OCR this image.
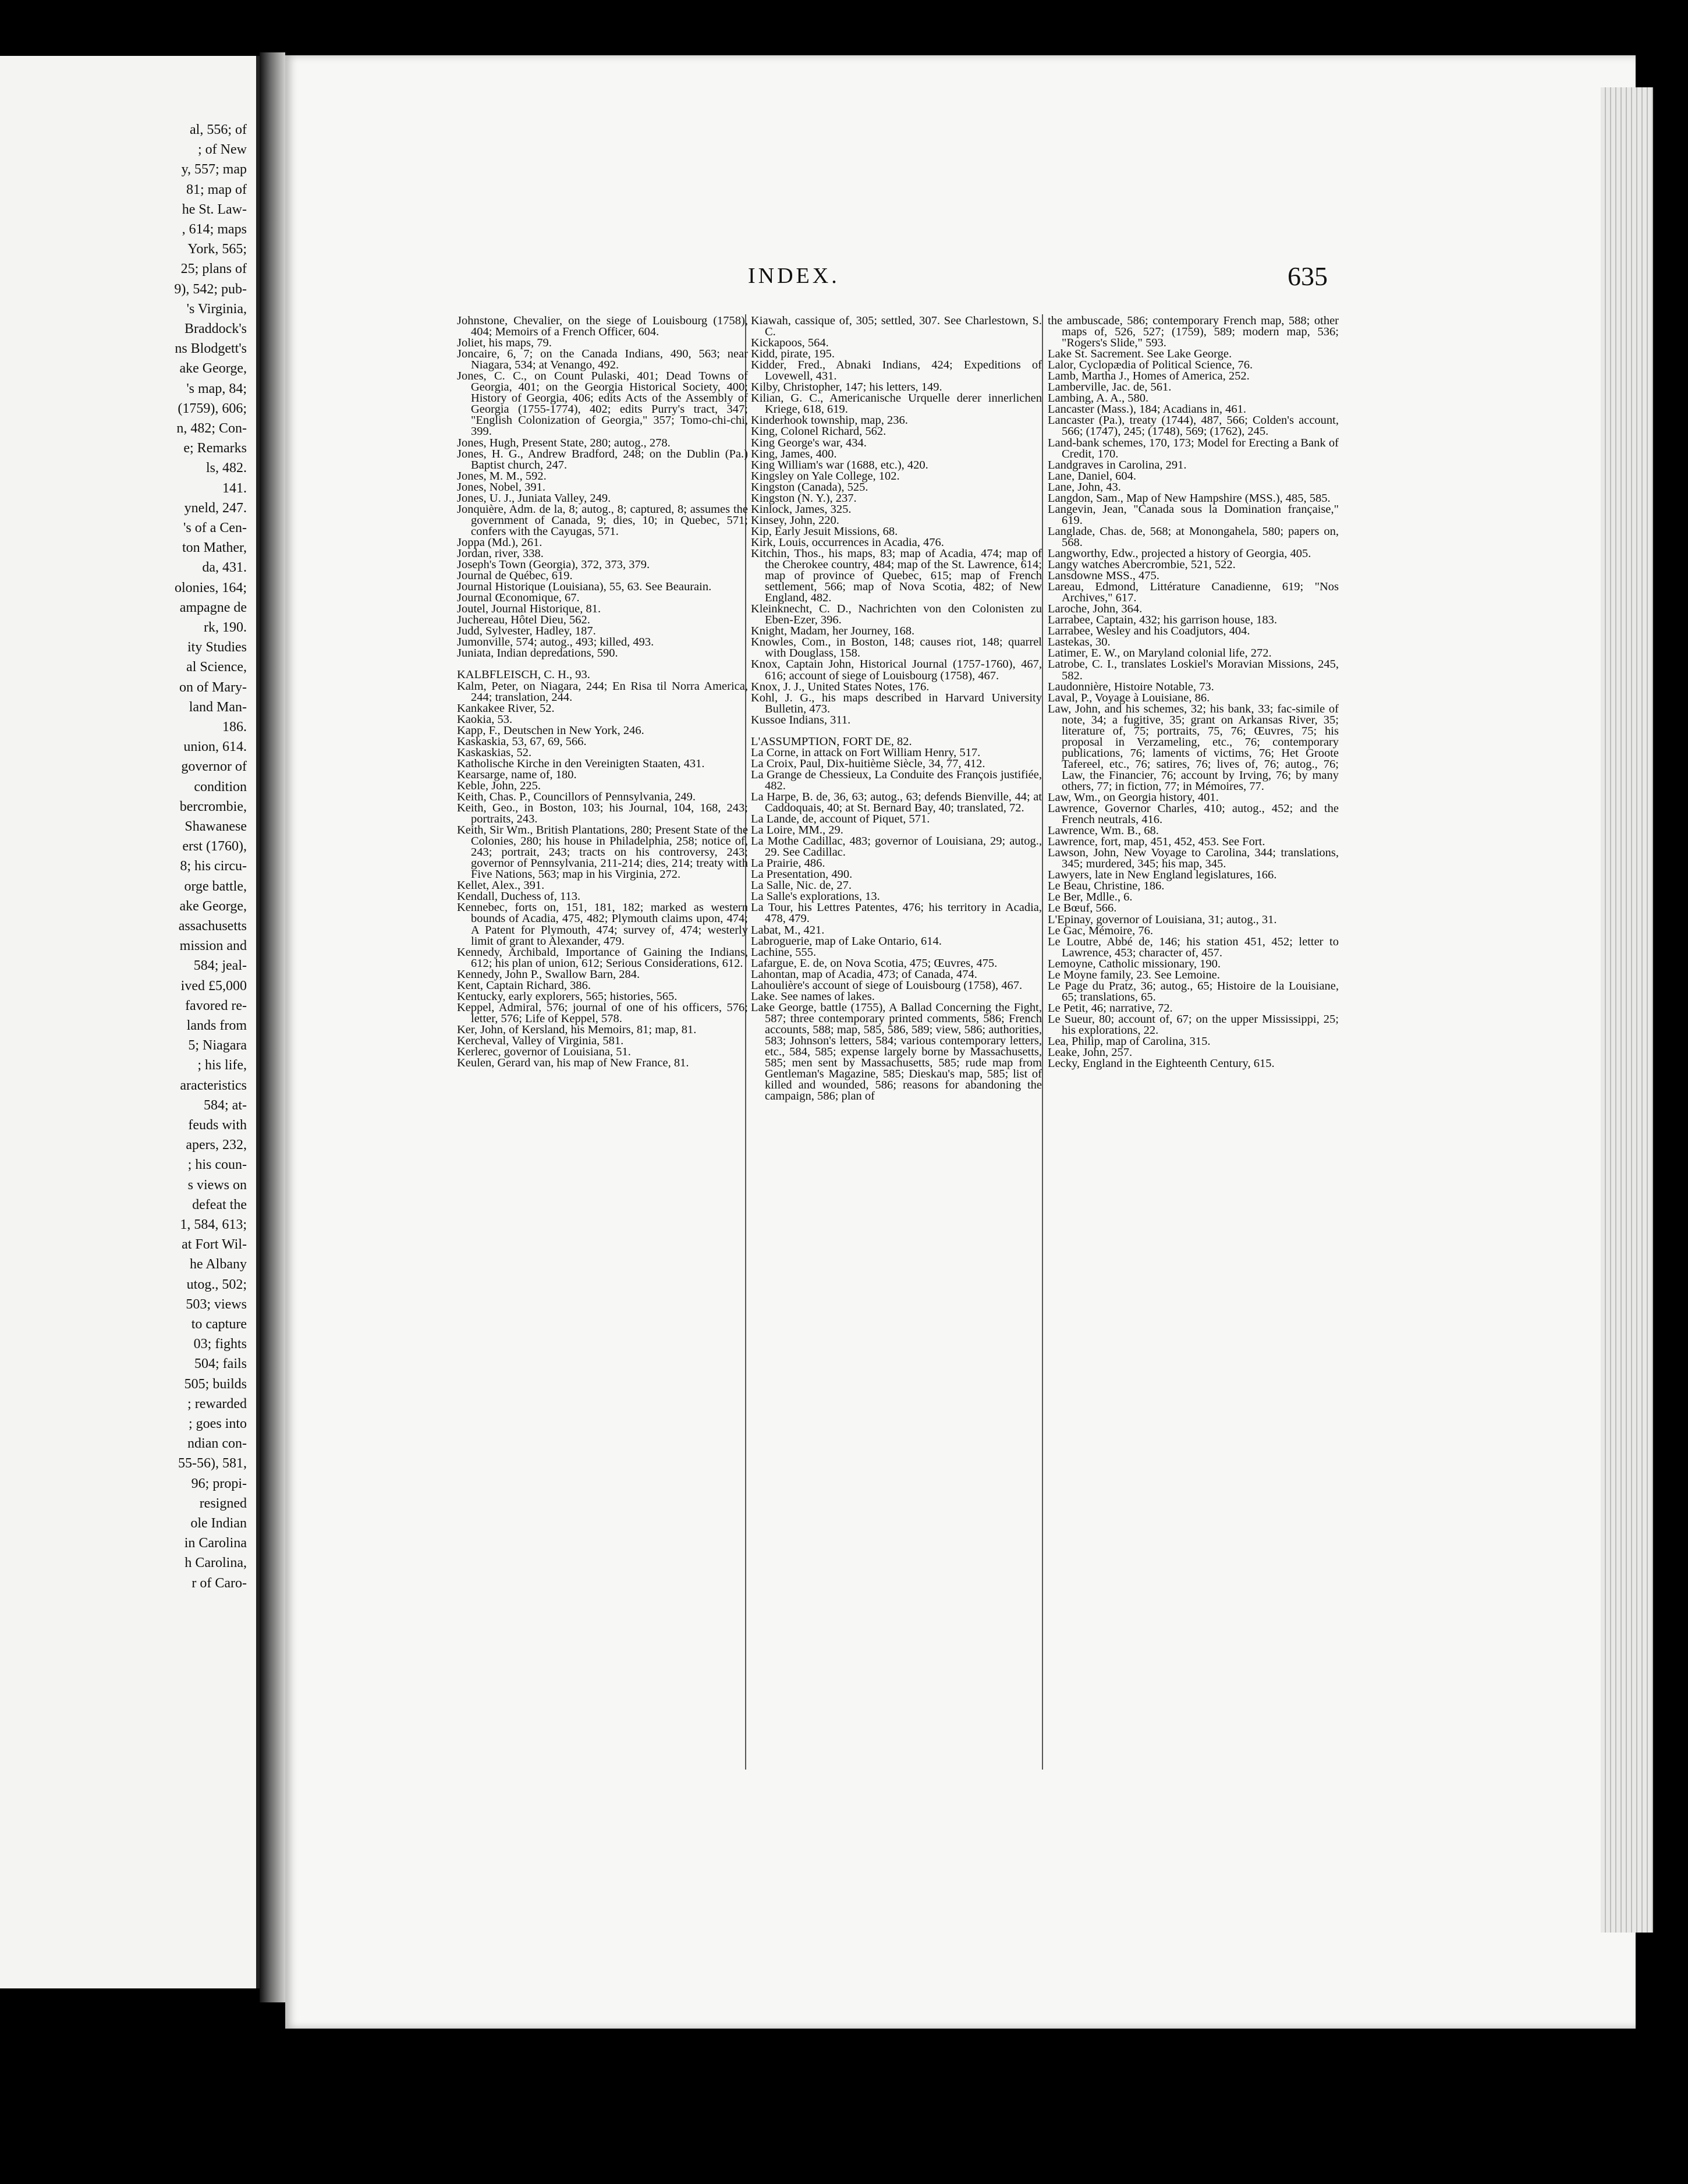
al, 556; of
; of New
y, 557; map
81; map of
he St. Law-
, 614; maps
York, 565;
25; plans of
9), 542; pub-
's Virginia,
Braddock's
ns Blodgett's
ake George,
's map, 84;
(1759), 606;
n, 482; Con-
e; Remarks
ls, 482.
141.
yneld, 247.
's of a Cen-
ton Mather,
da, 431.
olonies, 164;
ampagne de
rk, 190.
ity Studies
al Science,
on of Mary-
land Man-
186.
union, 614.
governor of
condition
bercrombie,
Shawanese
erst (1760),
8; his circu-
orge battle,
ake George,
assachusetts
mission and
584; jeal-
ived £5,000
favored re-
lands from
5; Niagara
; his life,
aracteristics
584; at-
feuds with
apers, 232,
; his coun-
s views on
defeat the
1, 584, 613;
at Fort Wil-
he Albany
utog., 502;
503; views
to capture
03; fights
504; fails
505; builds
; rewarded
; goes into
ndian con-
55-56), 581,
96; propi-
resigned
ole Indian
in Carolina
h Carolina,
r of Caro-
INDEX.	635

Johnstone, Chevalier, on the siege of Louisbourg (1758), 404; Memoirs of a French Officer, 604.

Joliet, his maps, 79.

Joncaire, 6, 7; on the Canada Indians, 490, 563; near Niagara, 534; at Venango, 492.

Jones, C. C., on Count Pulaski, 401; Dead Towns of Georgia, 401; on the Georgia Historical Society, 400; History of Georgia, 406; edits Acts of the Assembly of Georgia (1755-1774), 402; edits Purry's tract, 347; "English Colonization of Georgia," 357; Tomo-chi-chi, 399.

Jones, Hugh, Present State, 280; autog., 278.

Jones, H. G., Andrew Bradford, 248; on the Dublin (Pa.) Baptist church, 247.

Jones, M. M., 592.

Jones, Nobel, 391.

Jones, U. J., Juniata Valley, 249.

Jonquière, Adm. de la, 8; autog., 8; captured, 8; assumes the government of Canada, 9; dies, 10; in Quebec, 571; confers with the Cayugas, 571.

Joppa (Md.), 261.

Jordan, river, 338.

Joseph's Town (Georgia), 372, 373, 379.

Journal de Québec, 619.

Journal Historique (Louisiana), 55, 63. See Beaurain.

Journal Œconomique, 67.

Joutel, Journal Historique, 81.

Juchereau, Hôtel Dieu, 562.

Judd, Sylvester, Hadley, 187.

Jumonville, 574; autog., 493; killed, 493.

Juniata, Indian depredations, 590.

KALBFLEISCH, C. H., 93.

Kalm, Peter, on Niagara, 244; En Risa til Norra America, 244; translation, 244.

Kankakee River, 52.

Kaokia, 53.

Kapp, F., Deutschen in New York, 246.

Kaskaskia, 53, 67, 69, 566.

Kaskaskias, 52.

Katholische Kirche in den Vereinigten Staaten, 431.

Kearsarge, name of, 180.

Keble, John, 225.

Keith, Chas. P., Councillors of Pennsylvania, 249.

Keith, Geo., in Boston, 103; his Journal, 104, 168, 243; portraits, 243.

Keith, Sir Wm., British Plantations, 280; Present State of the Colonies, 280; his house in Philadelphia, 258; notice of, 243; portrait, 243; tracts on his controversy, 243; governor of Pennsylvania, 211-214; dies, 214; treaty with Five Nations, 563; map in his Virginia, 272.

Kellet, Alex., 391.

Kendall, Duchess of, 113.

Kennebec, forts on, 151, 181, 182; marked as western bounds of Acadia, 475, 482; Plymouth claims upon, 474; A Patent for Plymouth, 474; survey of, 474; westerly limit of grant to Alexander, 479.

Kennedy, Archibald, Importance of Gaining the Indians, 612; his plan of union, 612; Serious Considerations, 612.

Kennedy, John P., Swallow Barn, 284.

Kent, Captain Richard, 386.

Kentucky, early explorers, 565; histories, 565.

Keppel, Admiral, 576; journal of one of his officers, 576; letter, 576; Life of Keppel, 578.

Ker, John, of Kersland, his Memoirs, 81; map, 81.

Kercheval, Valley of Virginia, 581.

Kerlerec, governor of Louisiana, 51.

Keulen, Gerard van, his map of New France, 81.

Kiawah, cassique of, 305; settled, 307. See Charlestown, S. C.

Kickapoos, 564.

Kidd, pirate, 195.

Kidder, Fred., Abnaki Indians, 424; Expeditions of Lovewell, 431.

Kilby, Christopher, 147; his letters, 149.

Kilian, G. C., Americanische Urquelle derer innerlichen Kriege, 618, 619.

Kinderhook township, map, 236.

King, Colonel Richard, 562.

King George's war, 434.

King, James, 400.

King William's war (1688, etc.), 420.

Kingsley on Yale College, 102.

Kingston (Canada), 525.

Kingston (N. Y.), 237.

Kinlock, James, 325.

Kinsey, John, 220.

Kip, Early Jesuit Missions, 68.

Kirk, Louis, occurrences in Acadia, 476.

Kitchin, Thos., his maps, 83; map of Acadia, 474; map of the Cherokee country, 484; map of the St. Lawrence, 614; map of province of Quebec, 615; map of French settlement, 566; map of Nova Scotia, 482; of New England, 482.

Kleinknecht, C. D., Nachrichten von den Colonisten zu Eben-Ezer, 396.

Knight, Madam, her Journey, 168.

Knowles, Com., in Boston, 148; causes riot, 148; quarrel with Douglass, 158.

Knox, Captain John, Historical Journal (1757-1760), 467, 616; account of siege of Louisbourg (1758), 467.

Knox, J. J., United States Notes, 176.

Kohl, J. G., his maps described in Harvard University Bulletin, 473.

Kussoe Indians, 311.

L'ASSUMPTION, FORT DE, 82.

La Corne, in attack on Fort William Henry, 517.

La Croix, Paul, Dix-huitième Siècle, 34, 77, 412.

La Grange de Chessieux, La Conduite des François justifiée, 482.

La Harpe, B. de, 36, 63; autog., 63; defends Bienville, 44; at Caddoquais, 40; at St. Bernard Bay, 40; translated, 72.

La Lande, de, account of Piquet, 571.

La Loire, MM., 29.

La Mothe Cadillac, 483; governor of Louisiana, 29; autog., 29. See Cadillac.

La Prairie, 486.

La Presentation, 490.

La Salle, Nic. de, 27.

La Salle's explorations, 13.

La Tour, his Lettres Patentes, 476; his territory in Acadia, 478, 479.

Labat, M., 421.

Labroguerie, map of Lake Ontario, 614.

Lachine, 555.

Lafargue, E. de, on Nova Scotia, 475; Œuvres, 475.

Lahontan, map of Acadia, 473; of Canada, 474.

Lahoulière's account of siege of Louisbourg (1758), 467.

Lake. See names of lakes.

Lake George, battle (1755), A Ballad Concerning the Fight, 587; three contemporary printed comments, 586; French accounts, 588; map, 585, 586, 589; view, 586; authorities, 583; Johnson's letters, 584; various contemporary letters, etc., 584, 585; expense largely borne by Massachusetts, 585; men sent by Massachusetts, 585; rude map from Gentleman's Magazine, 585; Dieskau's map, 585; list of killed and wounded, 586; reasons for abandoning the campaign, 586; plan of

the ambuscade, 586; contemporary French map, 588; other maps of, 526, 527; (1759), 589; modern map, 536; "Rogers's Slide," 593.

Lake St. Sacrement. See Lake George.

Lalor, Cyclopædia of Political Science, 76.

Lamb, Martha J., Homes of America, 252.

Lamberville, Jac. de, 561.

Lambing, A. A., 580.

Lancaster (Mass.), 184; Acadians in, 461.

Lancaster (Pa.), treaty (1744), 487, 566; Colden's account, 566; (1747), 245; (1748), 569; (1762), 245.

Land-bank schemes, 170, 173; Model for Erecting a Bank of Credit, 170.

Landgraves in Carolina, 291.

Lane, Daniel, 604.

Lane, John, 43.

Langdon, Sam., Map of New Hampshire (MSS.), 485, 585.

Langevin, Jean, "Canada sous la Domination française," 619.

Langlade, Chas. de, 568; at Monongahela, 580; papers on, 568.

Langworthy, Edw., projected a history of Georgia, 405.

Langy watches Abercrombie, 521, 522.

Lansdowne MSS., 475.

Lareau, Edmond, Littérature Canadienne, 619; "Nos Archives," 617.

Laroche, John, 364.

Larrabee, Captain, 432; his garrison house, 183.

Larrabee, Wesley and his Coadjutors, 404.

Lastekas, 30.

Latimer, E. W., on Maryland colonial life, 272.

Latrobe, C. I., translates Loskiel's Moravian Missions, 245, 582.

Laudonnière, Histoire Notable, 73.

Laval, P., Voyage à Louisiane, 86.

Law, John, and his schemes, 32; his bank, 33; fac-simile of note, 34; a fugitive, 35; grant on Arkansas River, 35; literature of, 75; portraits, 75, 76; Œuvres, 75; his proposal in Verzameling, etc., 76; contemporary publications, 76; laments of victims, 76; Het Groote Tafereel, etc., 76; satires, 76; lives of, 76; autog., 76; Law, the Financier, 76; account by Irving, 76; by many others, 77; in fiction, 77; in Mémoires, 77.

Law, Wm., on Georgia history, 401.

Lawrence, Governor Charles, 410; autog., 452; and the French neutrals, 416.

Lawrence, Wm. B., 68.

Lawrence, fort, map, 451, 452, 453. See Fort.

Lawson, John, New Voyage to Carolina, 344; translations, 345; murdered, 345; his map, 345.

Lawyers, late in New England legislatures, 166.

Le Beau, Christine, 186.

Le Ber, Mdlle., 6.

Le Bœuf, 566.

L'Epinay, governor of Louisiana, 31; autog., 31.

Le Gac, Mémoire, 76.

Le Loutre, Abbé de, 146; his station 451, 452; letter to Lawrence, 453; character of, 457.

Lemoyne, Catholic missionary, 190.

Le Moyne family, 23. See Lemoine.

Le Page du Pratz, 36; autog., 65; Histoire de la Louisiane, 65; translations, 65.

Le Petit, 46; narrative, 72.

Le Sueur, 80; account of, 67; on the upper Mississippi, 25; his explorations, 22.

Lea, Philip, map of Carolina, 315.

Leake, John, 257.

Lecky, England in the Eighteenth Century, 615.
